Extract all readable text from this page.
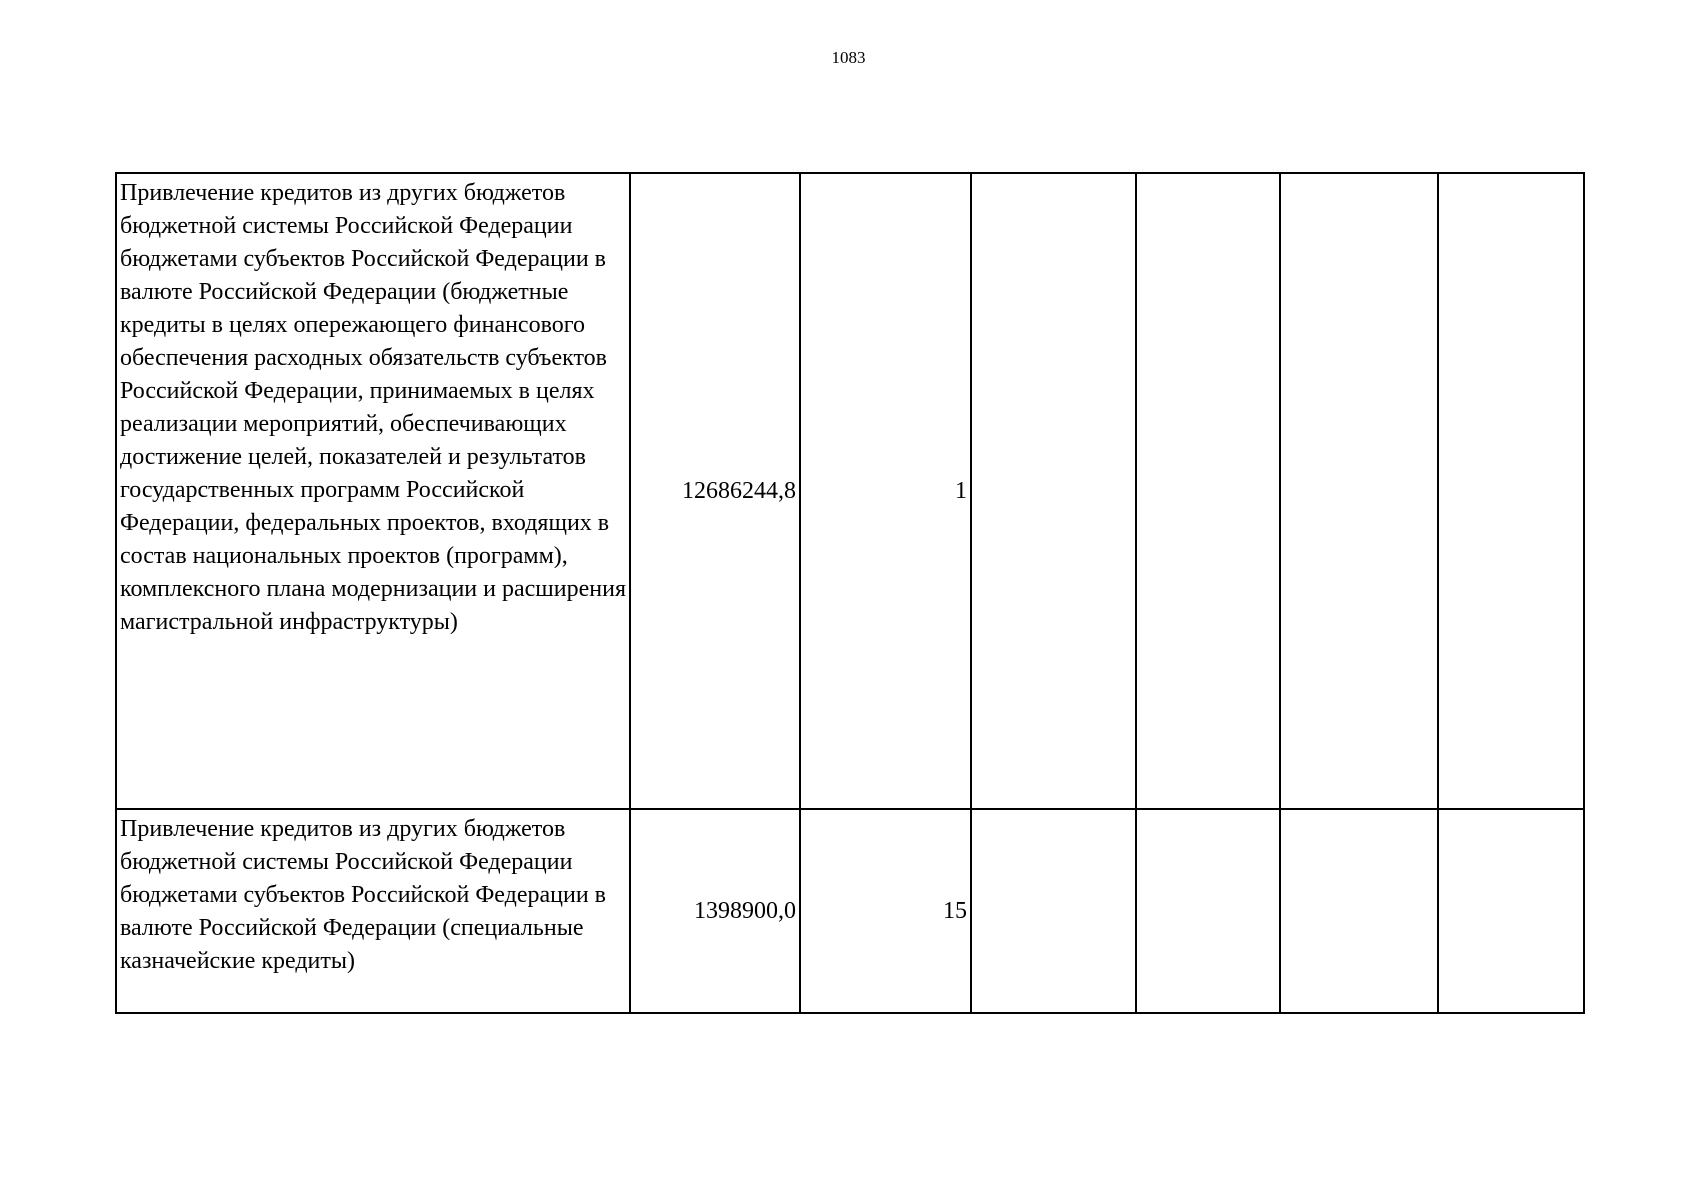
1083
Привлечение кредитов из других бюджетов бюджетной системы Российской Федерации бюджетами субъектов Российской Федерации в валюте Российской Федерации (бюджетные кредиты в целях опережающего финансового обеспечения расходных обязательств субъектов Российской Федерации, принимаемых в целях реализации мероприятий, обеспечивающих достижение целей, показателей и результатов государственных программ Российской Федерации, федеральных проектов, входящих в состав национальных проектов (программ), комплексного плана модернизации и расширения магистральной инфраструктуры)	12686244,8	1				

Привлечение кредитов из других бюджетов бюджетной системы Российской Федерации бюджетами субъектов Российской Федерации в валюте Российской Федерации (специальные казначейские кредиты)	1398900,0	15				
